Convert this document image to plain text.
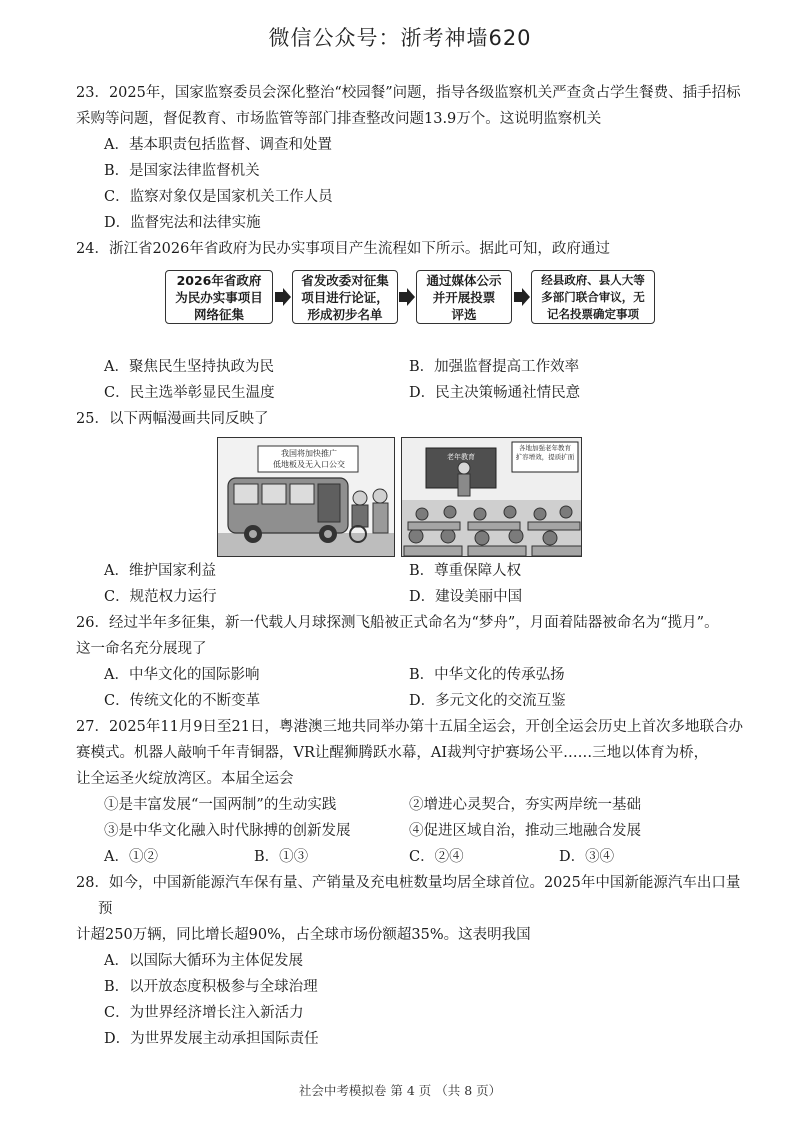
微信公众号：浙考神墙620
23．2025年，国家监察委员会深化整治“校园餐”问题，指导各级监察机关严查贪占学生餐费、插手招标
采购等问题，督促教育、市场监管等部门排查整改问题13.9万个。这说明监察机关
A．基本职责包括监督、调查和处置
B．是国家法律监督机关
C．监察对象仅是国家机关工作人员
D．监督宪法和法律实施
24．浙江省2026年省政府为民办实事项目产生流程如下所示。据此可知，政府通过
2026年省政府
为民办实事项目
网络征集
省发改委对征集
项目进行论证，
形成初步名单
通过媒体公示
并开展投票
评选
经县政府、县人大等
多部门联合审议，无
记名投票确定事项
A．聚焦民生坚持执政为民	B．加强监督提高工作效率
C．民主选举彰显民生温度	D．民主决策畅通社情民意
25．以下两幅漫画共同反映了
我国将加快推广
低地板及无入口公交
老年教育
各地加强老年教育
扩容增效，提质扩面
A．维护国家利益	B．尊重保障人权
C．规范权力运行	D．建设美丽中国
26．经过半年多征集，新一代载人月球探测飞船被正式命名为“梦舟”，月面着陆器被命名为“揽月”。
这一命名充分展现了
A．中华文化的国际影响	B．中华文化的传承弘扬
C．传统文化的不断变革	D．多元文化的交流互鉴
27．2025年11月9日至21日，粤港澳三地共同举办第十五届全运会，开创全运会历史上首次多地联合办
赛模式。机器人敲响千年青铜器，VR让醒狮腾跃水幕，AI裁判守护赛场公平……三地以体育为桥，
让全运圣火绽放湾区。本届全运会
①是丰富发展“一国两制”的生动实践	②增进心灵契合，夯实两岸统一基础
③是中华文化融入时代脉搏的创新发展	④促进区域自治，推动三地融合发展
A．①②	B．①③	C．②④	D．③④
28．如今，中国新能源汽车保有量、产销量及充电桩数量均居全球首位。2025年中国新能源汽车出口量预
计超250万辆，同比增长超90%，占全球市场份额超35%。这表明我国
A．以国际大循环为主体促发展
B．以开放态度积极参与全球治理
C．为世界经济增长注入新活力
D．为世界发展主动承担国际责任
社会中考模拟卷 第 4 页 （共 8 页）
